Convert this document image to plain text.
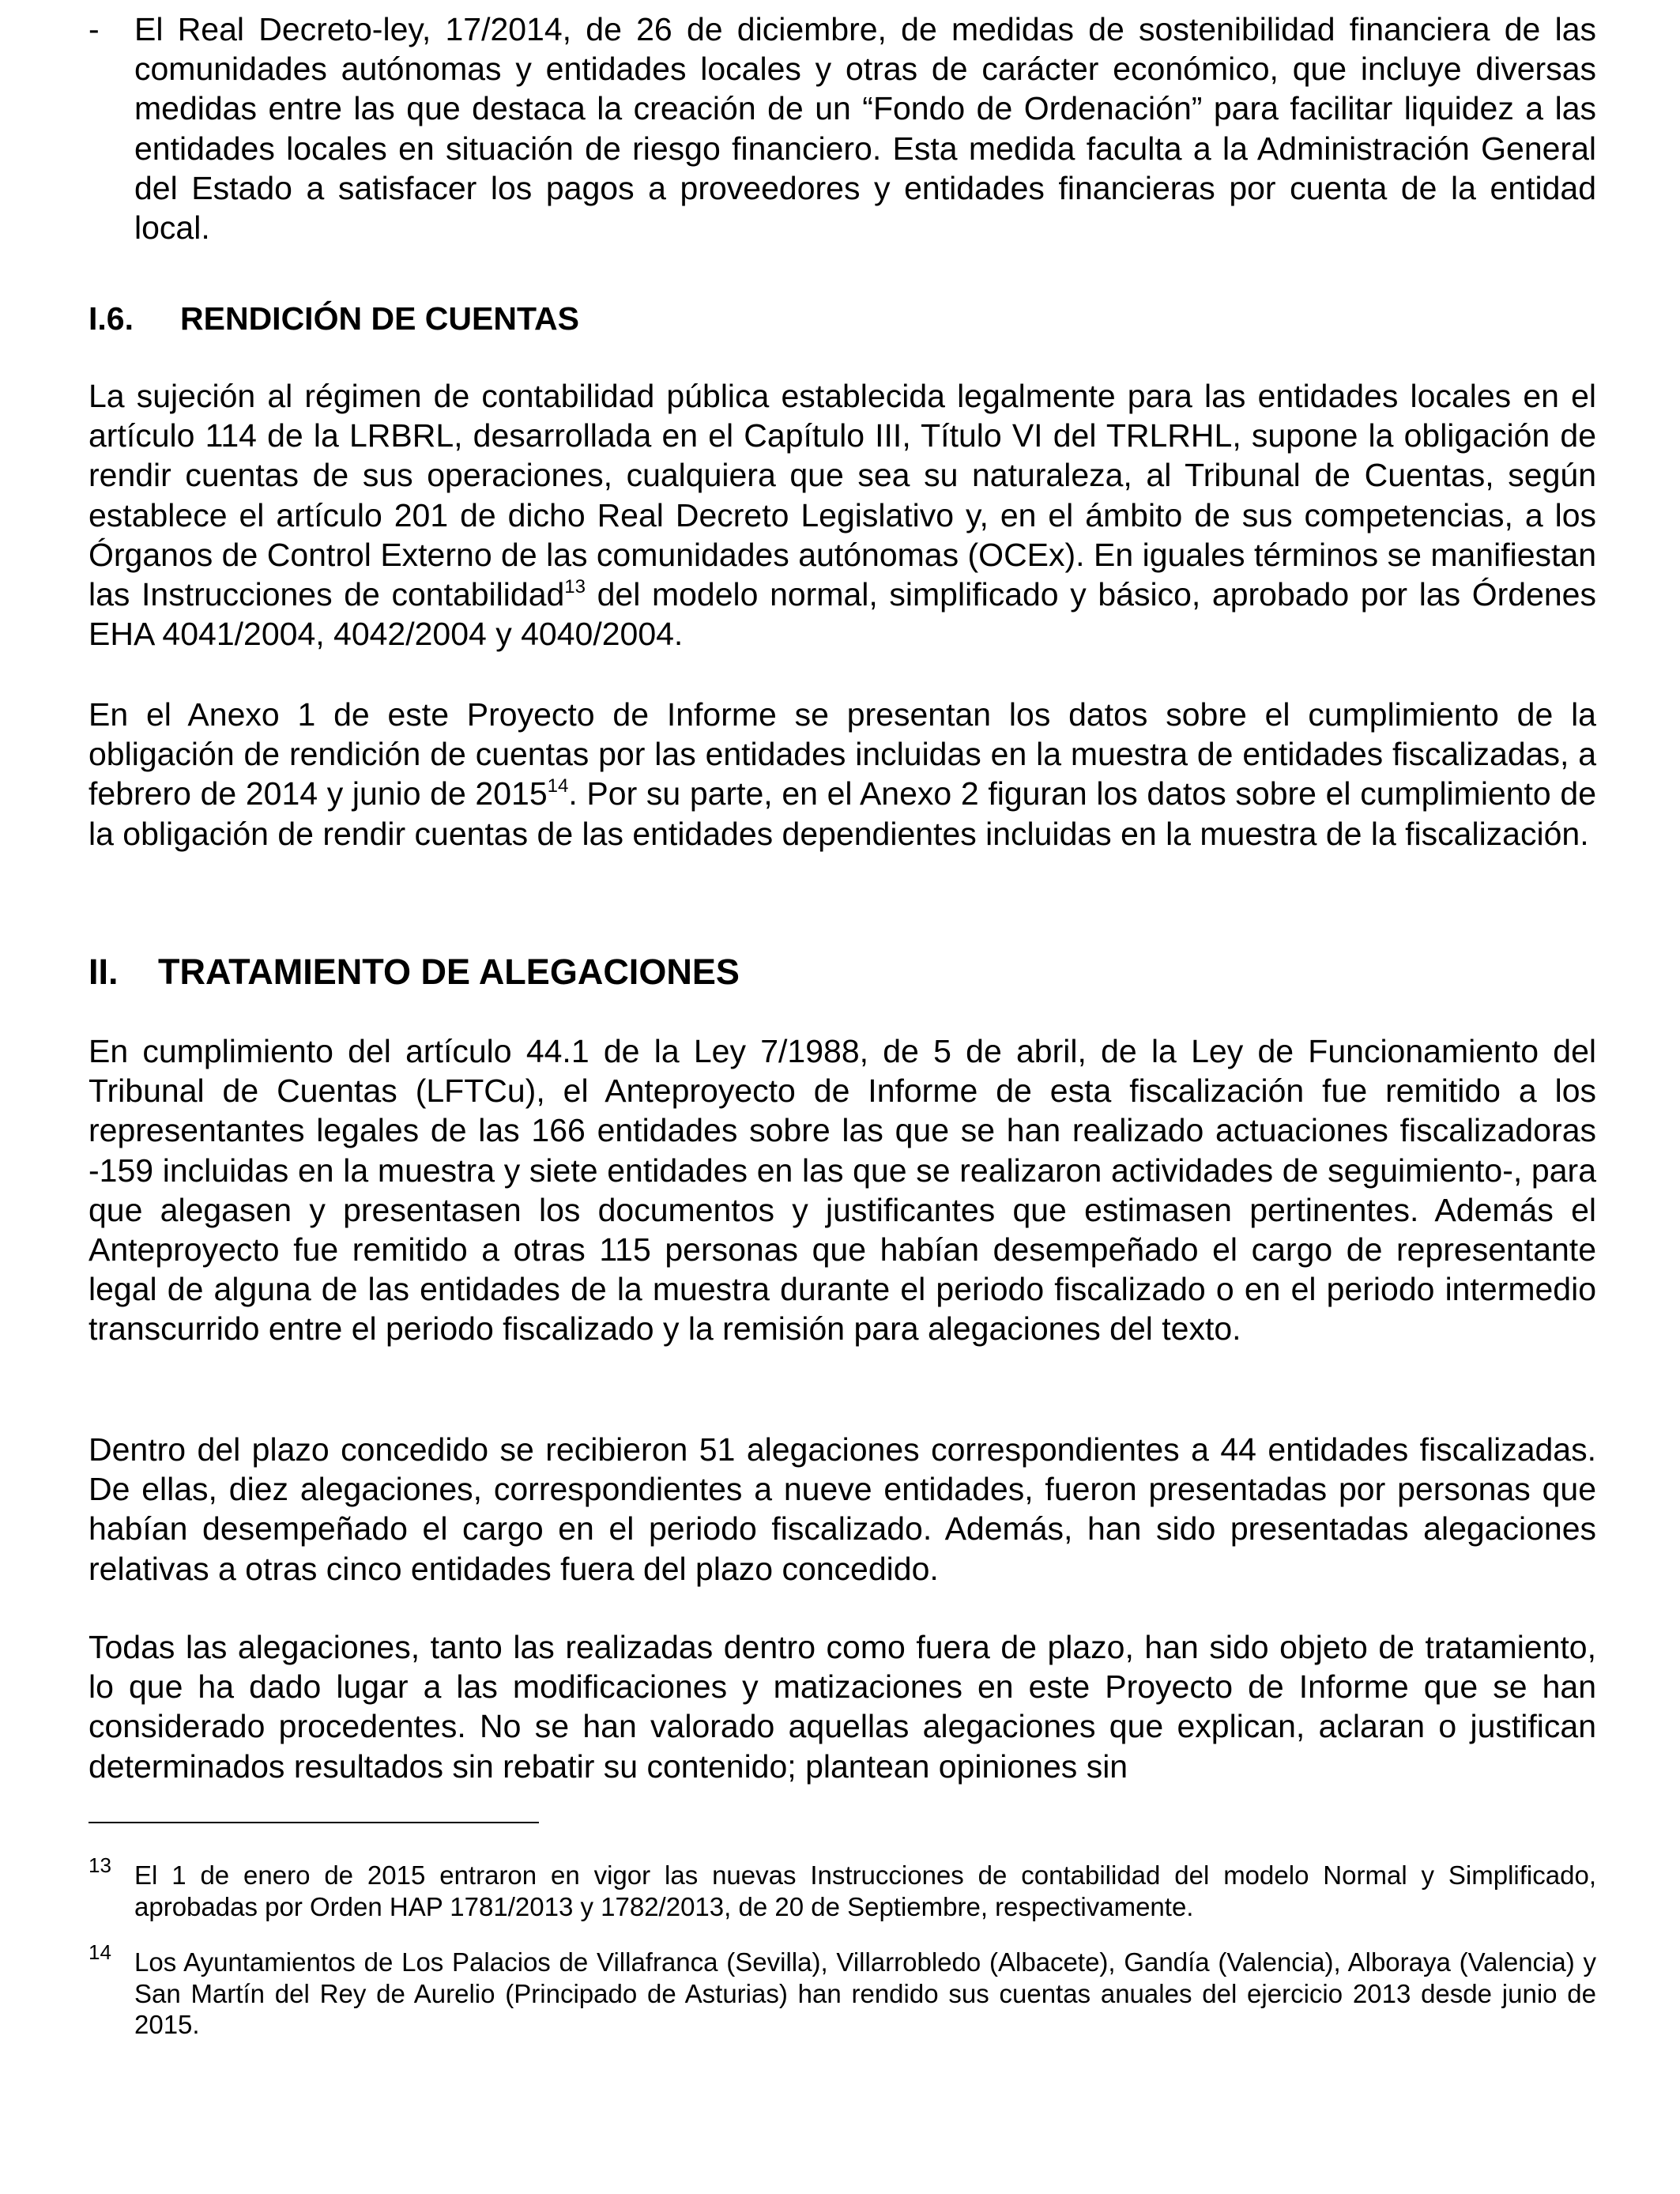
- El Real Decreto-ley, 17/2014, de 26 de diciembre, de medidas de sostenibilidad financiera de las comunidades autónomas y entidades locales y otras de carácter económico, que incluye diversas medidas entre las que destaca la creación de un “Fondo de Ordenación” para facilitar liquidez a las entidades locales en situación de riesgo financiero. Esta medida faculta a la Administración General del Estado a satisfacer los pagos a proveedores y entidades financieras por cuenta de la entidad local.

I.6. RENDICIÓN DE CUENTAS

La sujeción al régimen de contabilidad pública establecida legalmente para las entidades locales en el artículo 114 de la LRBRL, desarrollada en el Capítulo III, Título VI del TRLRHL, supone la obligación de rendir cuentas de sus operaciones, cualquiera que sea su naturaleza, al Tribunal de Cuentas, según establece el artículo 201 de dicho Real Decreto Legislativo y, en el ámbito de sus competencias, a los Órganos de Control Externo de las comunidades autónomas (OCEx). En iguales términos se manifiestan las Instrucciones de contabilidad$^{13}$ del modelo normal, simplificado y básico, aprobado por las Órdenes EHA 4041/2004, 4042/2004 y 4040/2004.

En el Anexo 1 de este Proyecto de Informe se presentan los datos sobre el cumplimiento de la obligación de rendición de cuentas por las entidades incluidas en la muestra de entidades fiscalizadas, a febrero de 2014 y junio de 2015$^{14}$. Por su parte, en el Anexo 2 figuran los datos sobre el cumplimiento de la obligación de rendir cuentas de las entidades dependientes incluidas en la muestra de la fiscalización.

II. TRATAMIENTO DE ALEGACIONES

En cumplimiento del artículo 44.1 de la Ley 7/1988, de 5 de abril, de la Ley de Funcionamiento del Tribunal de Cuentas (LFTCu), el Anteproyecto de Informe de esta fiscalización fue remitido a los representantes legales de las 166 entidades sobre las que se han realizado actuaciones fiscalizadoras -159 incluidas en la muestra y siete entidades en las que se realizaron actividades de seguimiento-, para que alegasen y presentasen los documentos y justificantes que estimasen pertinentes. Además el Anteproyecto fue remitido a otras 115 personas que habían desempeñado el cargo de representante legal de alguna de las entidades de la muestra durante el periodo fiscalizado o en el periodo intermedio transcurrido entre el periodo fiscalizado y la remisión para alegaciones del texto.

Dentro del plazo concedido se recibieron 51 alegaciones correspondientes a 44 entidades fiscalizadas. De ellas, diez alegaciones, correspondientes a nueve entidades, fueron presentadas por personas que habían desempeñado el cargo en el periodo fiscalizado. Además, han sido presentadas alegaciones relativas a otras cinco entidades fuera del plazo concedido.

Todas las alegaciones, tanto las realizadas dentro como fuera de plazo, han sido objeto de tratamiento, lo que ha dado lugar a las modificaciones y matizaciones en este Proyecto de Informe que se han considerado procedentes. No se han valorado aquellas alegaciones que explican, aclaran o justifican determinados resultados sin rebatir su contenido; plantean opiniones sin

13 El 1 de enero de 2015 entraron en vigor las nuevas Instrucciones de contabilidad del modelo Normal y Simplificado, aprobadas por Orden HAP 1781/2013 y 1782/2013, de 20 de Septiembre, respectivamente.

14 Los Ayuntamientos de Los Palacios de Villafranca (Sevilla), Villarrobledo (Albacete), Gandía (Valencia), Alboraya (Valencia) y San Martín del Rey de Aurelio (Principado de Asturias) han rendido sus cuentas anuales del ejercicio 2013 desde junio de 2015.
